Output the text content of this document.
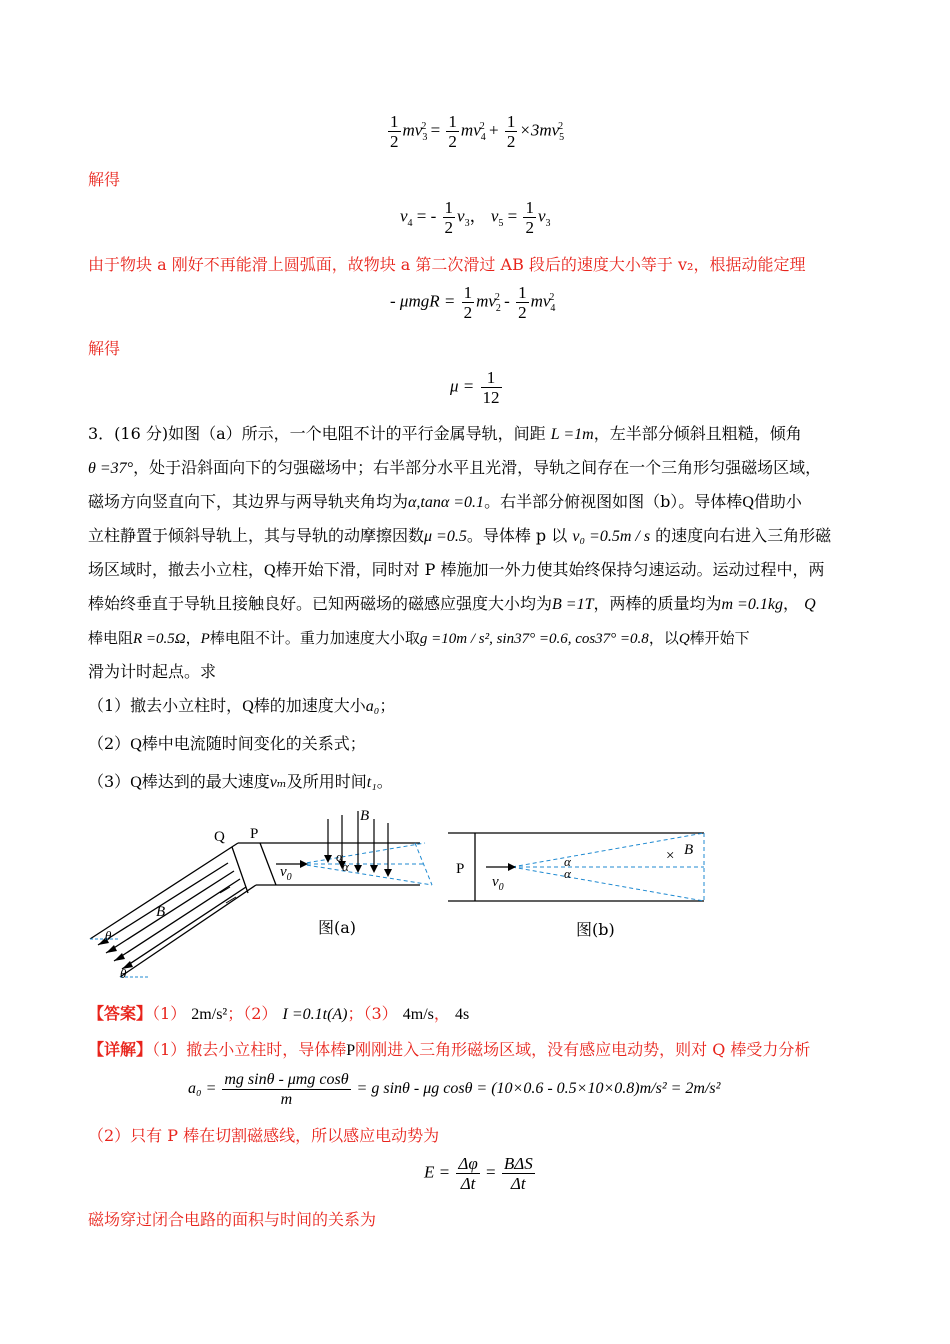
$\frac{1}{2} mv_3^2 = \frac{1}{2} mv_4^2 + \frac{1}{2} \times 3mv_5^2$
解得
$v_4$ = - $\frac{1}{2} v_3$， $v_5 = \frac{1}{2} v_3$
由于物块 a 刚好不再能滑上圆弧面，故物块 a 第二次滑过 AB 段后的速度大小等于 v₂，根据动能定理
- $\mu mgR = \frac{1}{2} mv_2^2 - \frac{1}{2} mv_4^2$
解得
$\mu = \frac{1}{12}$
3．(16 分)如图（a）所示，一个电阻不计的平行金属导轨，间距 L =1m，左半部分倾斜且粗糙，倾角
θ =37°，处于沿斜面向下的匀强磁场中；右半部分水平且光滑，导轨之间存在一个三角形匀强磁场区域，
磁场方向竖直向下，其边界与两导轨夹角均为α,tanα =0.1。右半部分俯视图如图（b）。导体棒Q借助小
立柱静置于倾斜导轨上，其与导轨的动摩擦因数μ =0.5。导体棒 p 以 v₀ =0.5m / s 的速度向右进入三角形磁
场区域时，撤去小立柱，Q棒开始下滑，同时对 P 棒施加一外力使其始终保持匀速运动。运动过程中，两
棒始终垂直于导轨且接触良好。已知两磁场的磁感应强度大小均为B =1T，两棒的质量均为m =0.1kg， Q
棒电阻R =0.5Ω，P棒电阻不计。重力加速度大小取g =10m / s², sin37° =0.6, cos37° =0.8，以Q棒开始下
滑为计时起点。求
（1）撤去小立柱时，Q棒的加速度大小a₀；
（2）Q棒中电流随时间变化的关系式；
（3）Q棒达到的最大速度vₘ及所用时间t₁。
Q P
B
B
$v_0$
α
α
θ
θ
P
$v_0$
α
α
× B
图(a)	图(b)
【答案】（1） 2m/s²；（2） I =0.1t(A)；（3） 4m/s， 4s
【详解】（1）撤去小立柱时，导体棒P刚刚进入三角形磁场区域，没有感应电动势，则对 Q 棒受力分析
$a_0 = \frac{\text{mg sinθ - μmg cosθ}}{m} = g$ sinθ - μg cosθ = (10×0.6 - 0.5×10×0.8)m/s² = 2m/s²
（2）只有 P 棒在切割磁感线，所以感应电动势为
$E = \frac{\Delta\varphi}{\Delta t} = \frac{\text{BΔS}}{\Delta t}$
磁场穿过闭合电路的面积与时间的关系为
